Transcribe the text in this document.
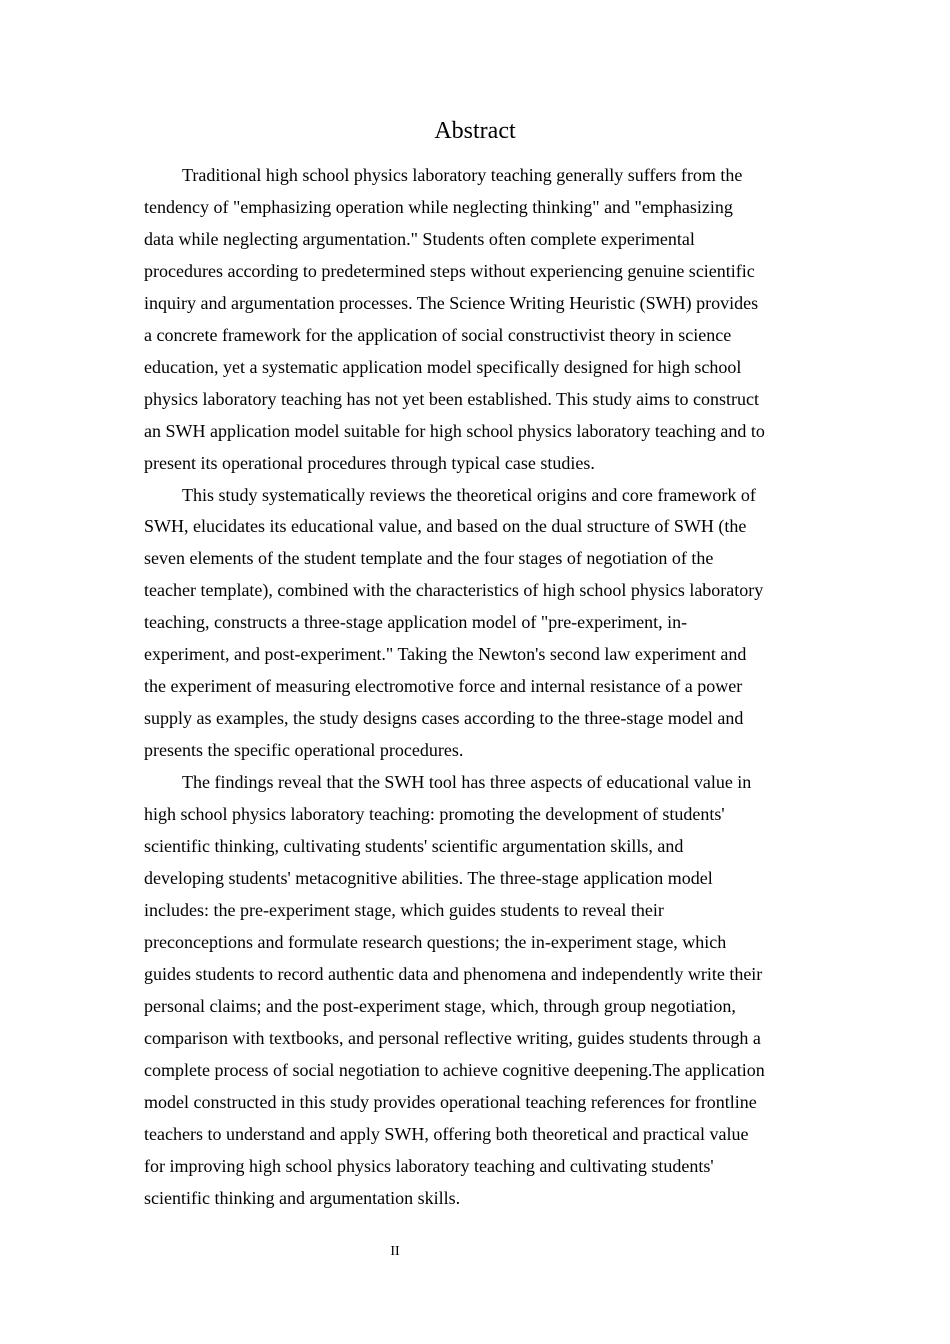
Abstract
Traditional high school physics laboratory teaching generally suffers from the
tendency of "emphasizing operation while neglecting thinking" and "emphasizing
data while neglecting argumentation." Students often complete experimental
procedures according to predetermined steps without experiencing genuine scientific
inquiry and argumentation processes. The Science Writing Heuristic (SWH) provides
a concrete framework for the application of social constructivist theory in science
education, yet a systematic application model specifically designed for high school
physics laboratory teaching has not yet been established. This study aims to construct
an SWH application model suitable for high school physics laboratory teaching and to
present its operational procedures through typical case studies.
This study systematically reviews the theoretical origins and core framework of
SWH, elucidates its educational value, and based on the dual structure of SWH (the
seven elements of the student template and the four stages of negotiation of the
teacher template), combined with the characteristics of high school physics laboratory
teaching, constructs a three-stage application model of "pre-experiment, in-
experiment, and post-experiment." Taking the Newton's second law experiment and
the experiment of measuring electromotive force and internal resistance of a power
supply as examples, the study designs cases according to the three-stage model and
presents the specific operational procedures.
The findings reveal that the SWH tool has three aspects of educational value in
high school physics laboratory teaching: promoting the development of students'
scientific thinking, cultivating students' scientific argumentation skills, and
developing students' metacognitive abilities. The three-stage application model
includes: the pre-experiment stage, which guides students to reveal their
preconceptions and formulate research questions; the in-experiment stage, which
guides students to record authentic data and phenomena and independently write their
personal claims; and the post-experiment stage, which, through group negotiation,
comparison with textbooks, and personal reflective writing, guides students through a
complete process of social negotiation to achieve cognitive deepening.The application
model constructed in this study provides operational teaching references for frontline
teachers to understand and apply SWH, offering both theoretical and practical value
for improving high school physics laboratory teaching and cultivating students'
scientific thinking and argumentation skills.
II
